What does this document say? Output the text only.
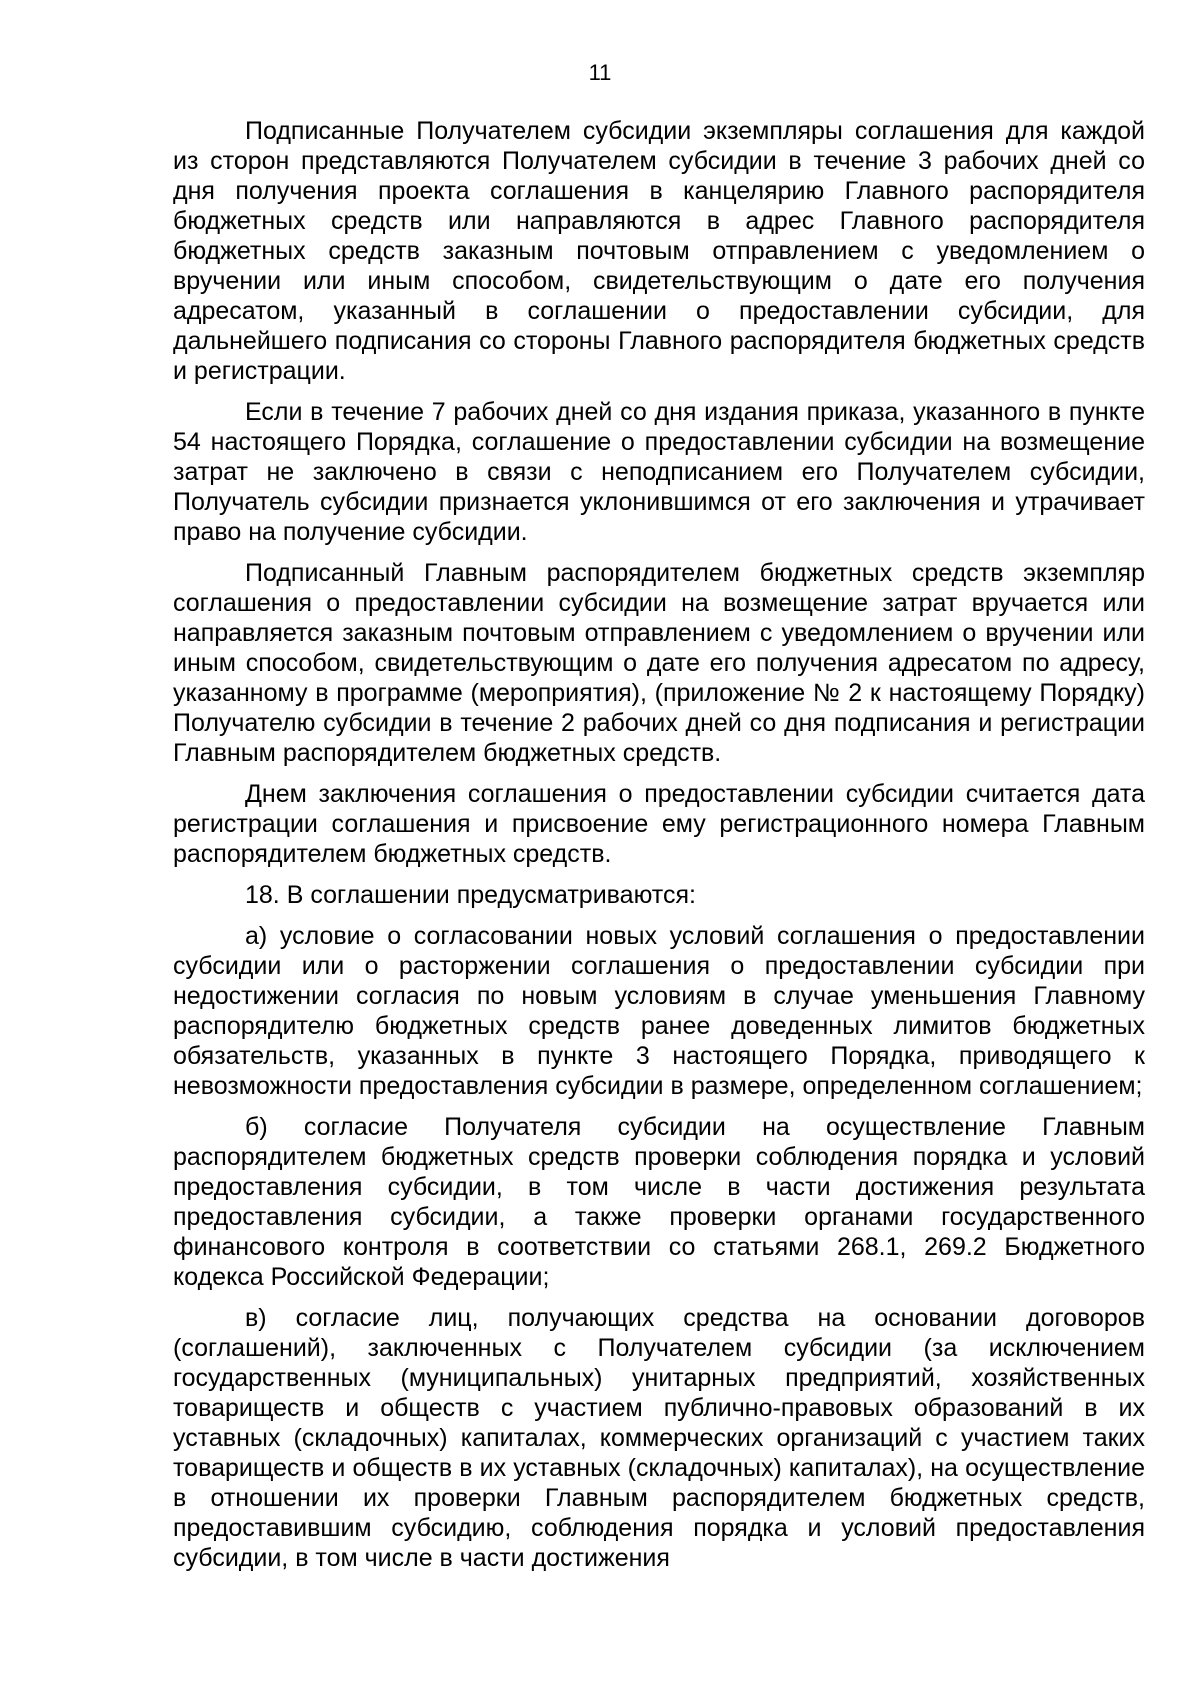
11

Подписанные Получателем субсидии экземпляры соглашения для каждой из сторон представляются Получателем субсидии в течение 3 рабочих дней со дня получения проекта соглашения в канцелярию Главного распорядителя бюджетных средств или направляются в адрес Главного распорядителя бюджетных средств заказным почтовым отправлением с уведомлением о вручении или иным способом, свидетельствующим о дате его получения адресатом, указанный в соглашении о предоставлении субсидии, для дальнейшего подписания со стороны Главного распорядителя бюджетных средств и регистрации.

Если в течение 7 рабочих дней со дня издания приказа, указанного в пункте 54 настоящего Порядка, соглашение о предоставлении субсидии на возмещение затрат не заключено в связи с неподписанием его Получателем субсидии, Получатель субсидии признается уклонившимся от его заключения и утрачивает право на получение субсидии.

Подписанный Главным распорядителем бюджетных средств экземпляр соглашения о предоставлении субсидии на возмещение затрат вручается или направляется заказным почтовым отправлением с уведомлением о вручении или иным способом, свидетельствующим о дате его получения адресатом по адресу, указанному в программе (мероприятия), (приложение № 2 к настоящему Порядку) Получателю субсидии в течение 2 рабочих дней со дня подписания и регистрации Главным распорядителем бюджетных средств.

Днем заключения соглашения о предоставлении субсидии считается дата регистрации соглашения и присвоение ему регистрационного номера Главным распорядителем бюджетных средств.

18. В соглашении предусматриваются:

а) условие о согласовании новых условий соглашения о предоставлении субсидии или о расторжении соглашения о предоставлении субсидии при недостижении согласия по новым условиям в случае уменьшения Главному распорядителю бюджетных средств ранее доведенных лимитов бюджетных обязательств, указанных в пункте 3 настоящего Порядка, приводящего к невозможности предоставления субсидии в размере, определенном соглашением;

б) согласие Получателя субсидии на осуществление Главным распорядителем бюджетных средств проверки соблюдения порядка и условий предоставления субсидии, в том числе в части достижения результата предоставления субсидии, а также проверки органами государственного финансового контроля в соответствии со статьями 268.1, 269.2 Бюджетного кодекса Российской Федерации;

в) согласие лиц, получающих средства на основании договоров (соглашений), заключенных с Получателем субсидии (за исключением государственных (муниципальных) унитарных предприятий, хозяйственных товариществ и обществ с участием публично-правовых образований в их уставных (складочных) капиталах, коммерческих организаций с участием таких товариществ и обществ в их уставных (складочных) капиталах), на осуществление в отношении их проверки Главным распорядителем бюджетных средств, предоставившим субсидию, соблюдения порядка и условий предоставления субсидии, в том числе в части достижения
